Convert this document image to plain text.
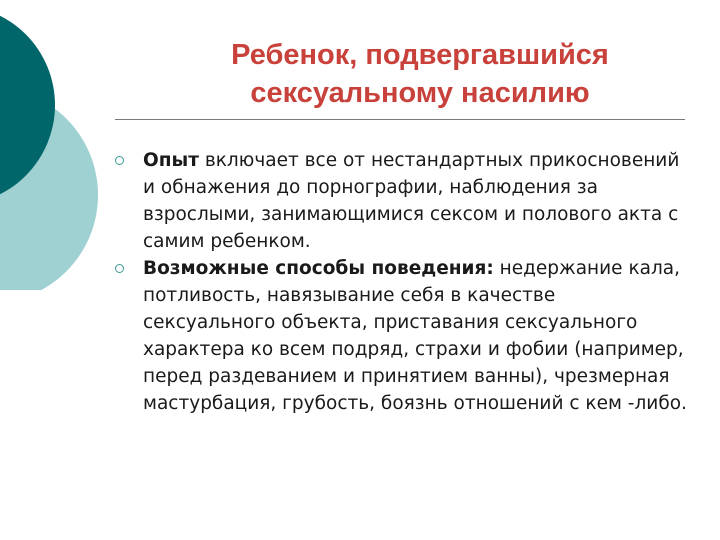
Ребенок, подвергавшийся
сексуальному насилию

Опыт включает все от нестандартных прикосновений и обнажения до порнографии, наблюдения за взрослыми, занимающимися сексом и полового акта с самим ребенком.

Возможные способы поведения: недержание кала, потливость, навязывание себя в качестве сексуального объекта, приставания сексуального характера ко всем подряд, страхи и фобии (например, перед раздеванием и принятием ванны), чрезмерная мастурбация, грубость, боязнь отношений с кем -либо.
